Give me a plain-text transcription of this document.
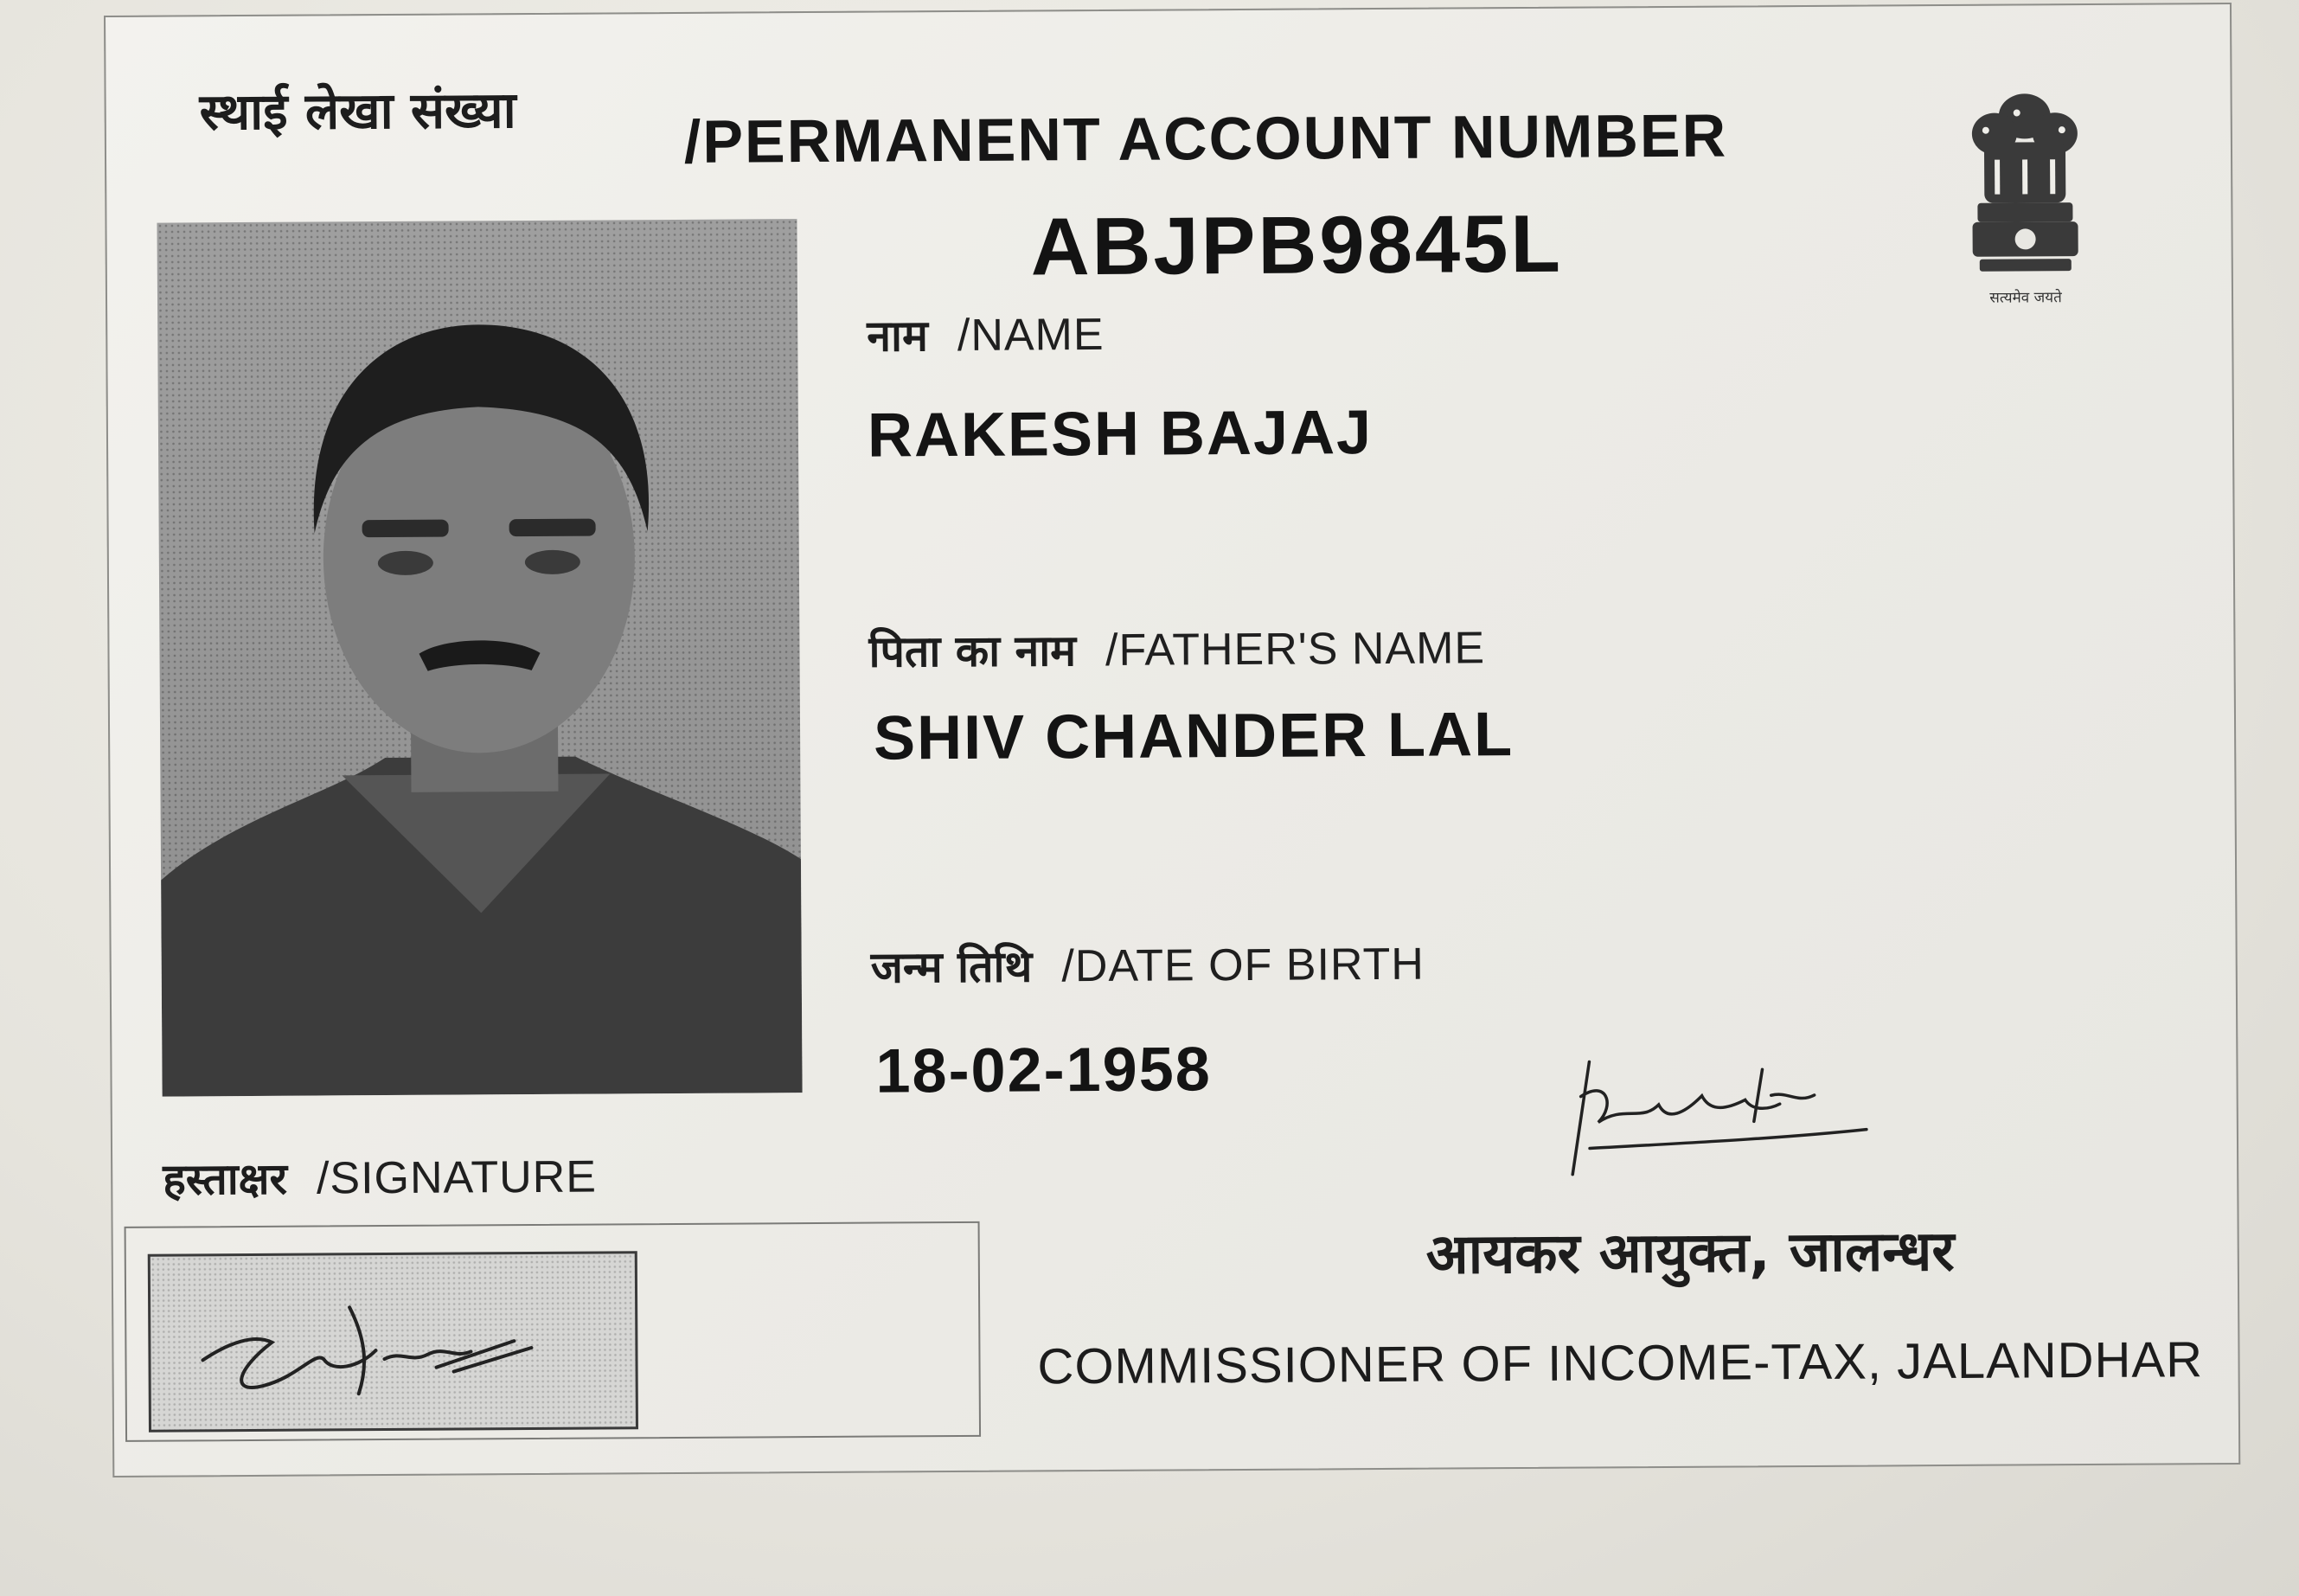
स्थाई लेखा संख्या	/PERMANENT ACCOUNT NUMBER
ABJPB9845L
सत्यमेव जयते
नाम /NAME
RAKESH BAJAJ
पिता का नाम /FATHER'S NAME
SHIV CHANDER LAL
जन्म तिथि /DATE OF BIRTH
18-02-1958
हस्ताक्षर /SIGNATURE
आयकर आयुक्त, जालन्धर
COMMISSIONER OF INCOME-TAX, JALANDHAR
